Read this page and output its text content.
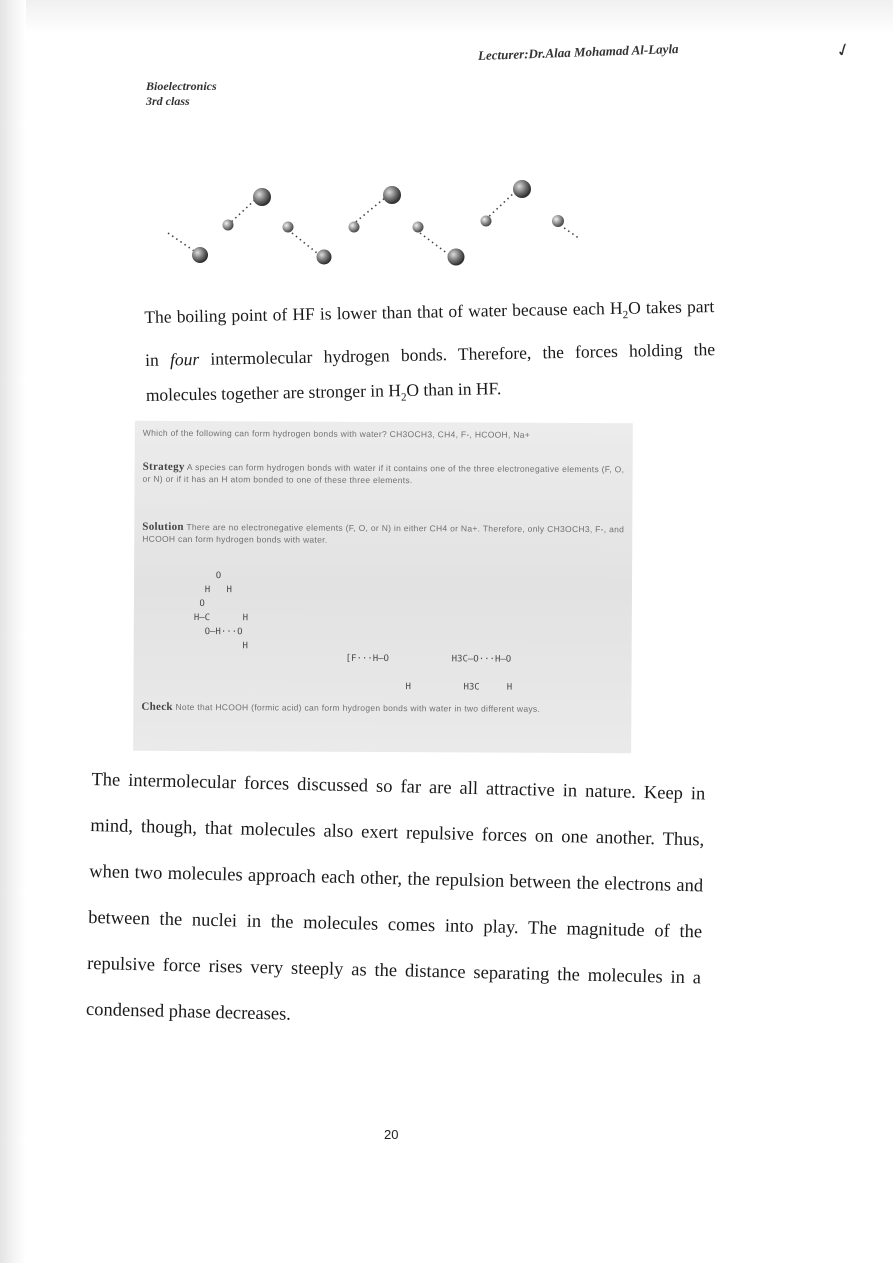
Bioelectronics
3rd class
Lecturer:Dr.Alaa Mohamad Al-Layla	✓

The boiling point of HF is lower than that of water because each $H_2O$ takes part in four intermolecular hydrogen bonds. Therefore, the forces holding the molecules together are stronger in $H_2O$ than in HF.

Which of the following can form hydrogen bonds with water? CH3OCH3, CH4, F-, HCOOH, Na+
Strategy A species can form hydrogen bonds with water if it contains one of the three electronegative elements (F, O, or N) or if it has an H atom bonded to one of these three elements.
Solution There are no electronegative elements (F, O, or N) in either CH4 or Na+. Therefore, only CH3OCH3, F-, and HCOOH can form hydrogen bonds with water.
O
H   H
O
H—C      H
O—H···O
H
[F···H—O
H
H3C—O···H—O
H3C     H
Check Note that HCOOH (formic acid) can form hydrogen bonds with water in two different ways.

The intermolecular forces discussed so far are all attractive in nature. Keep in mind, though, that molecules also exert repulsive forces on one another. Thus, when two molecules approach each other, the repulsion between the electrons and between the nuclei in the molecules comes into play. The magnitude of the repulsive force rises very steeply as the distance separating the molecules in a condensed phase decreases.

20
